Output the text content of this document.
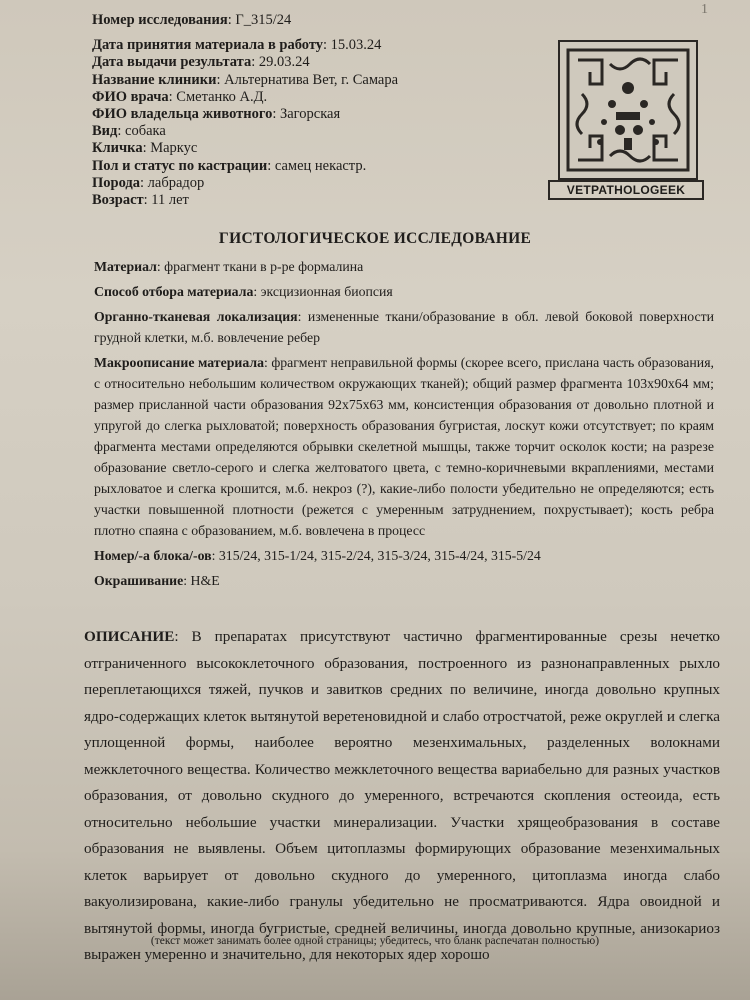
1
Номер исследования: Г_315/24
Дата принятия материала в работу: 15.03.24
Дата выдачи результата: 29.03.24
Название клиники: Альтернатива Вет, г. Самара
ФИО врача: Сметанко А.Д.
ФИО владельца животного: Загорская
Вид: собака
Кличка: Маркус
Пол и статус по кастрации: самец некастр.
Порода: лабрадор
Возраст: 11 лет
VETPATHOLOGEEK
ГИСТОЛОГИЧЕСКОЕ ИССЛЕДОВАНИЕ

Материал: фрагмент ткани в р-ре формалина

Способ отбора материала: эксцизионная биопсия

Органно-тканевая локализация: измененные ткани/образование в обл. левой боковой поверхности грудной клетки, м.б. вовлечение ребер

Макроописание материала: фрагмент неправильной формы (скорее всего, прислана часть образования, с относительно небольшим количеством окружающих тканей); общий размер фрагмента 103x90x64 мм; размер присланной части образования 92x75x63 мм, консистенция образования от довольно плотной и упругой до слегка рыхловатой; поверхность образования бугристая, лоскут кожи отсутствует; по краям фрагмента местами определяются обрывки скелетной мышцы, также торчит осколок кости; на разрезе образование светло-серого и слегка желтоватого цвета, с темно-коричневыми вкраплениями, местами рыхловатое и слегка крошится, м.б. некроз (?), какие-либо полости убедительно не определяются; есть участки повышенной плотности (режется с умеренным затруднением, похрустывает); кость ребра плотно спаяна с образованием, м.б. вовлечена в процесс

Номер/-а блока/-ов: 315/24, 315-1/24, 315-2/24, 315-3/24, 315-4/24, 315-5/24

Окрашивание: H&E

ОПИСАНИЕ: В препаратах присутствуют частично фрагментированные срезы нечетко отграниченного высококлеточного образования, построенного из разнонаправленных рыхло переплетающихся тяжей, пучков и завитков средних по величине, иногда довольно крупных ядро-содержащих клеток вытянутой веретеновидной и слабо отростчатой, реже округлей и слегка уплощенной формы, наиболее вероятно мезенхимальных, разделенных волокнами межклеточного вещества. Количество межклеточного вещества вариабельно для разных участков образования, от довольно скудного до умеренного, встречаются скопления остеоида, есть относительно небольшие участки минерализации. Участки хрящеобразования в составе образования не выявлены. Объем цитоплазмы формирующих образование мезенхимальных клеток варьирует от довольно скудного до умеренного, цитоплазма иногда слабо вакуолизирована, какие-либо гранулы убедительно не просматриваются. Ядра овоидной и вытянутой формы, иногда бугристые, средней величины, иногда довольно крупные, анизокариоз выражен умеренно и значительно, для некоторых ядер хорошо
(текст может занимать более одной страницы; убедитесь, что бланк распечатан полностью)
